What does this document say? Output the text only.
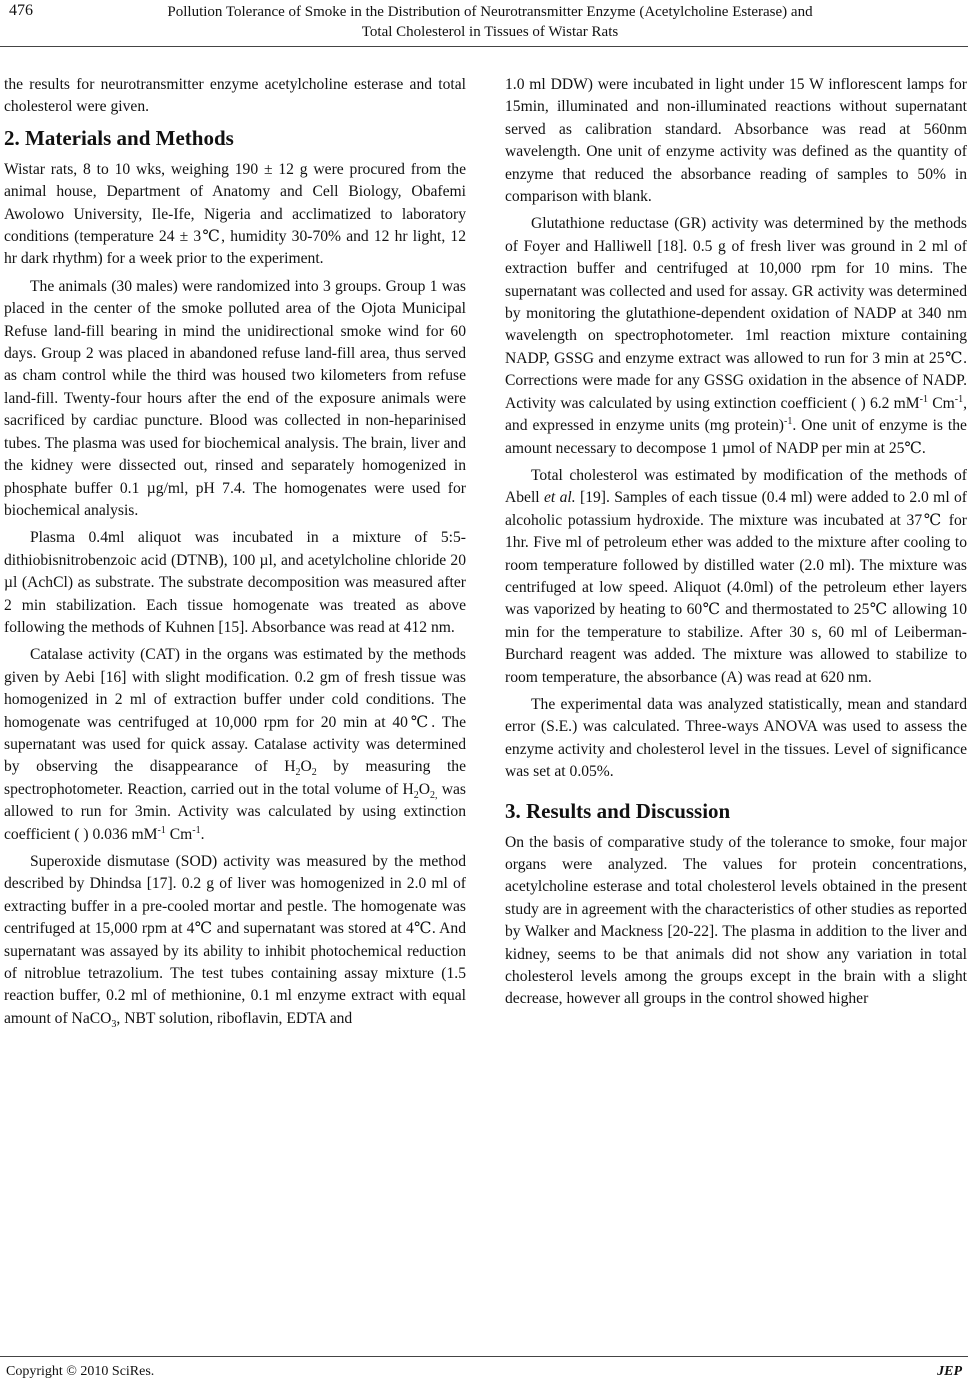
476	Pollution Tolerance of Smoke in the Distribution of Neurotransmitter Enzyme (Acetylcholine Esterase) and
Total Cholesterol in Tissues of Wistar Rats

the results for neurotransmitter enzyme acetylcholine esterase and total cholesterol were given.

2. Materials and Methods

Wistar rats, 8 to 10 wks, weighing 190 ± 12 g were procured from the animal house, Department of Anatomy and Cell Biology, Obafemi Awolowo University, Ile-Ife, Nigeria and acclimatized to laboratory conditions (temperature 24 ± 3℃, humidity 30-70% and 12 hr light, 12 hr dark rhythm) for a week prior to the experiment.

The animals (30 males) were randomized into 3 groups. Group 1 was placed in the center of the smoke polluted area of the Ojota Municipal Refuse land-fill bearing in mind the unidirectional smoke wind for 60 days. Group 2 was placed in abandoned refuse land-fill area, thus served as cham control while the third was housed two kilometers from refuse land-fill. Twenty-four hours after the end of the exposure animals were sacrificed by cardiac puncture. Blood was collected in non-heparinised tubes. The plasma was used for biochemical analysis. The brain, liver and the kidney were dissected out, rinsed and separately homogenized in phosphate buffer 0.1 µg/ml, pH 7.4. The homogenates were used for biochemical analysis.

Plasma 0.4ml aliquot was incubated in a mixture of 5:5-dithiobisnitrobenzoic acid (DTNB), 100 µl, and acetylcholine chloride 20 µl (AchCl) as substrate. The substrate decomposition was measured after 2 min stabilization. Each tissue homogenate was treated as above following the methods of Kuhnen [15]. Absorbance was read at 412 nm.

Catalase activity (CAT) in the organs was estimated by the methods given by Aebi [16] with slight modification. 0.2 gm of fresh tissue was homogenized in 2 ml of extraction buffer under cold conditions. The homogenate was centrifuged at 10,000 rpm for 20 min at 40℃. The supernatant was used for quick assay. Catalase activity was determined by observing the disappearance of $H_2O_2$ by measuring the spectrophotometer. Reaction, carried out in the total volume of $H_2O_{2,}$ was allowed to run for 3min. Activity was calculated by using extinction coefficient ( ) 0.036 $mM^{-1}$ $Cm^{-1}$.

Superoxide dismutase (SOD) activity was measured by the method described by Dhindsa [17]. 0.2 g of liver was homogenized in 2.0 ml of extracting buffer in a pre-cooled mortar and pestle. The homogenate was centrifuged at 15,000 rpm at 4℃ and supernatant was stored at 4℃. And supernatant was assayed by its ability to inhibit photochemical reduction of nitroblue tetrazolium. The test tubes containing assay mixture (1.5 reaction buffer, 0.2 ml of methionine, 0.1 ml enzyme extract with equal amount of NaCO$_3$, NBT solution, riboflavin, EDTA and

1.0 ml DDW) were incubated in light under 15 W inflorescent lamps for 15min, illuminated and non-illuminated reactions without supernatant served as calibration standard. Absorbance was read at 560nm wavelength. One unit of enzyme activity was defined as the quantity of enzyme that reduced the absorbance reading of samples to 50% in comparison with blank.

Glutathione reductase (GR) activity was determined by the methods of Foyer and Halliwell [18]. 0.5 g of fresh liver was ground in 2 ml of extraction buffer and centrifuged at 10,000 rpm for 10 mins. The supernatant was collected and used for assay. GR activity was determined by monitoring the glutathione-dependent oxidation of NADP at 340 nm wavelength on spectrophotometer. 1ml reaction mixture containing NADP, GSSG and enzyme extract was allowed to run for 3 min at 25℃. Corrections were made for any GSSG oxidation in the absence of NADP. Activity was calculated by using extinction coefficient ( ) 6.2 $mM^{-1}$ $Cm^{-1}$, and expressed in enzyme units (mg protein)$^{-1}$. One unit of enzyme is the amount necessary to decompose 1 µmol of NADP per min at 25℃.

Total cholesterol was estimated by modification of the methods of Abell et al. [19]. Samples of each tissue (0.4 ml) were added to 2.0 ml of alcoholic potassium hydroxide. The mixture was incubated at 37℃ for 1hr. Five ml of petroleum ether was added to the mixture after cooling to room temperature followed by distilled water (2.0 ml). The mixture was centrifuged at low speed. Aliquot (4.0ml) of the petroleum ether layers was vaporized by heating to 60℃ and thermostated to 25℃ allowing 10 min for the temperature to stabilize. After 30 s, 60 ml of Leiberman-Burchard reagent was added. The mixture was allowed to stabilize to room temperature, the absorbance (A) was read at 620 nm.

The experimental data was analyzed statistically, mean and standard error (S.E.) was calculated. Three-ways ANOVA was used to assess the enzyme activity and cholesterol level in the tissues. Level of significance was set at 0.05%.

3. Results and Discussion

On the basis of comparative study of the tolerance to smoke, four major organs were analyzed. The values for protein concentrations, acetylcholine esterase and total cholesterol levels obtained in the present study are in agreement with the characteristics of other studies as reported by Walker and Mackness [20-22]. The plasma in addition to the liver and kidney, seems to be that animals did not show any variation in total cholesterol levels among the groups except in the brain with a slight decrease, however all groups in the control showed higher

Copyright © 2010 SciRes.	JEP
